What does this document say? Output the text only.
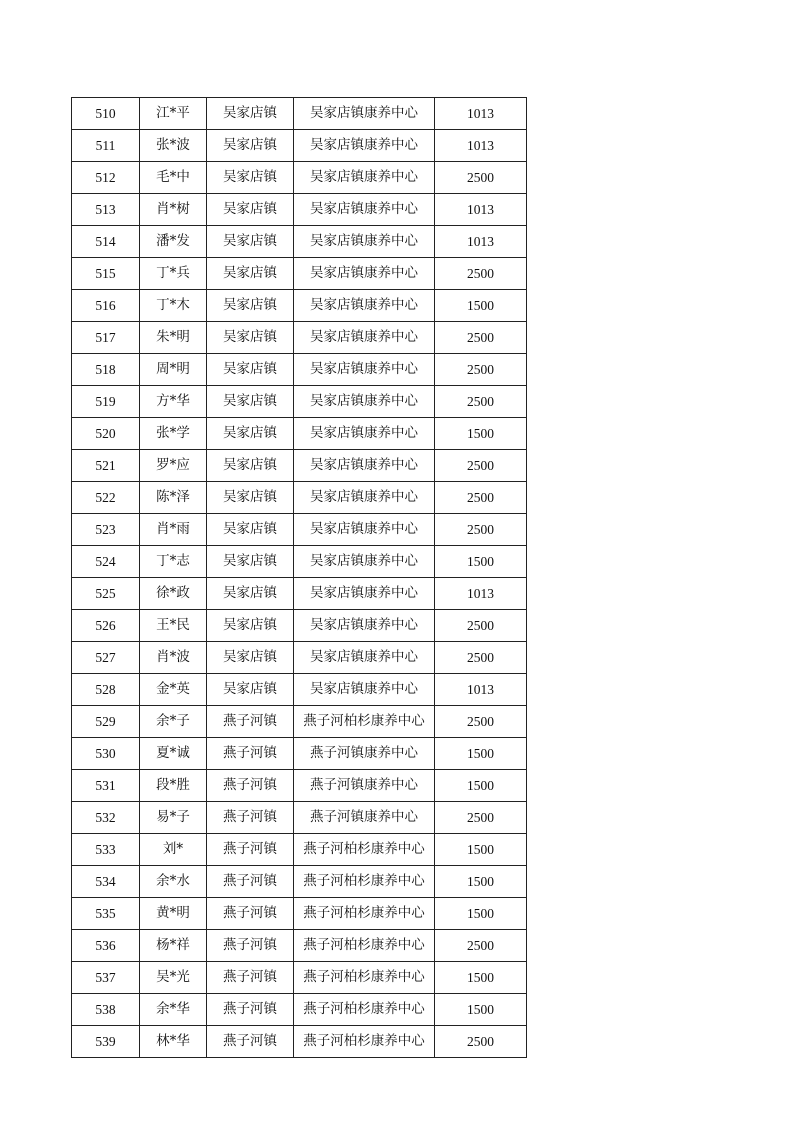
510	江*平	吴家店镇	吴家店镇康养中心	1013
511	张*波	吴家店镇	吴家店镇康养中心	1013
512	毛*中	吴家店镇	吴家店镇康养中心	2500
513	肖*树	吴家店镇	吴家店镇康养中心	1013
514	潘*发	吴家店镇	吴家店镇康养中心	1013
515	丁*兵	吴家店镇	吴家店镇康养中心	2500
516	丁*木	吴家店镇	吴家店镇康养中心	1500
517	朱*明	吴家店镇	吴家店镇康养中心	2500
518	周*明	吴家店镇	吴家店镇康养中心	2500
519	方*华	吴家店镇	吴家店镇康养中心	2500
520	张*学	吴家店镇	吴家店镇康养中心	1500
521	罗*应	吴家店镇	吴家店镇康养中心	2500
522	陈*泽	吴家店镇	吴家店镇康养中心	2500
523	肖*雨	吴家店镇	吴家店镇康养中心	2500
524	丁*志	吴家店镇	吴家店镇康养中心	1500
525	徐*政	吴家店镇	吴家店镇康养中心	1013
526	王*民	吴家店镇	吴家店镇康养中心	2500
527	肖*波	吴家店镇	吴家店镇康养中心	2500
528	金*英	吴家店镇	吴家店镇康养中心	1013
529	余*子	燕子河镇	燕子河柏杉康养中心	2500
530	夏*诚	燕子河镇	燕子河镇康养中心	1500
531	段*胜	燕子河镇	燕子河镇康养中心	1500
532	易*子	燕子河镇	燕子河镇康养中心	2500
533	刘*	燕子河镇	燕子河柏杉康养中心	1500
534	余*水	燕子河镇	燕子河柏杉康养中心	1500
535	黄*明	燕子河镇	燕子河柏杉康养中心	1500
536	杨*祥	燕子河镇	燕子河柏杉康养中心	2500
537	吴*光	燕子河镇	燕子河柏杉康养中心	1500
538	余*华	燕子河镇	燕子河柏杉康养中心	1500
539	林*华	燕子河镇	燕子河柏杉康养中心	2500
